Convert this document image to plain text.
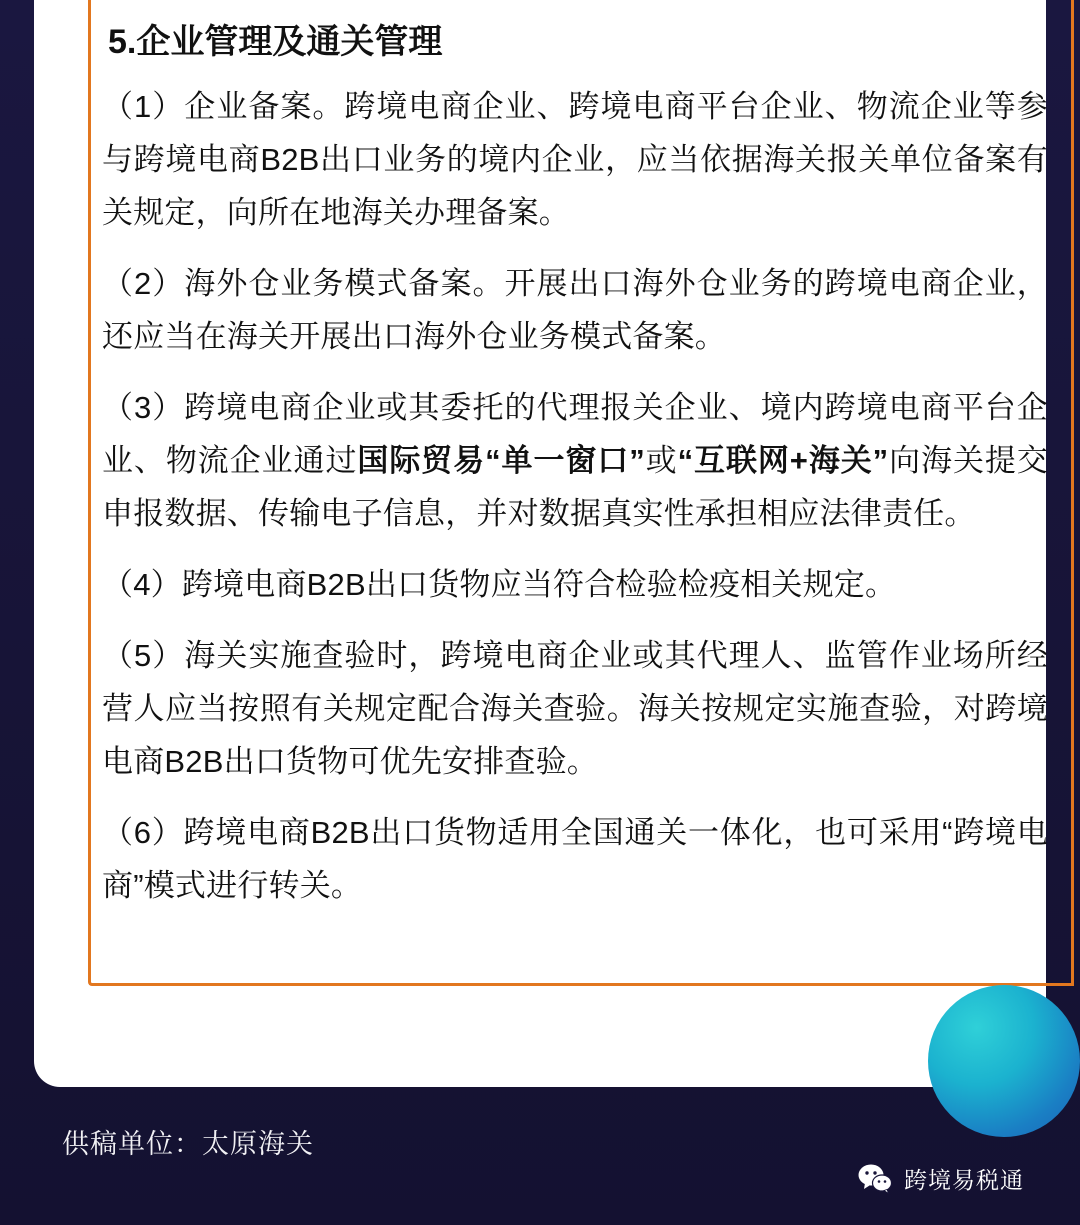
5.企业管理及通关管理

（1）企业备案。跨境电商企业、跨境电商平台企业、物流企业等参与跨境电商B2B出口业务的境内企业，应当依据海关报关单位备案有关规定，向所在地海关办理备案。

（2）海外仓业务模式备案。开展出口海外仓业务的跨境电商企业，还应当在海关开展出口海外仓业务模式备案。

（3）跨境电商企业或其委托的代理报关企业、境内跨境电商平台企业、物流企业通过国际贸易“单一窗口”或“互联网+海关”向海关提交申报数据、传输电子信息，并对数据真实性承担相应法律责任。

（4）跨境电商B2B出口货物应当符合检验检疫相关规定。

（5）海关实施查验时，跨境电商企业或其代理人、监管作业场所经营人应当按照有关规定配合海关查验。海关按规定实施查验，对跨境电商B2B出口货物可优先安排查验。

（6）跨境电商B2B出口货物适用全国通关一体化，也可采用“跨境电商”模式进行转关。

供稿单位：太原海关
跨境易税通
